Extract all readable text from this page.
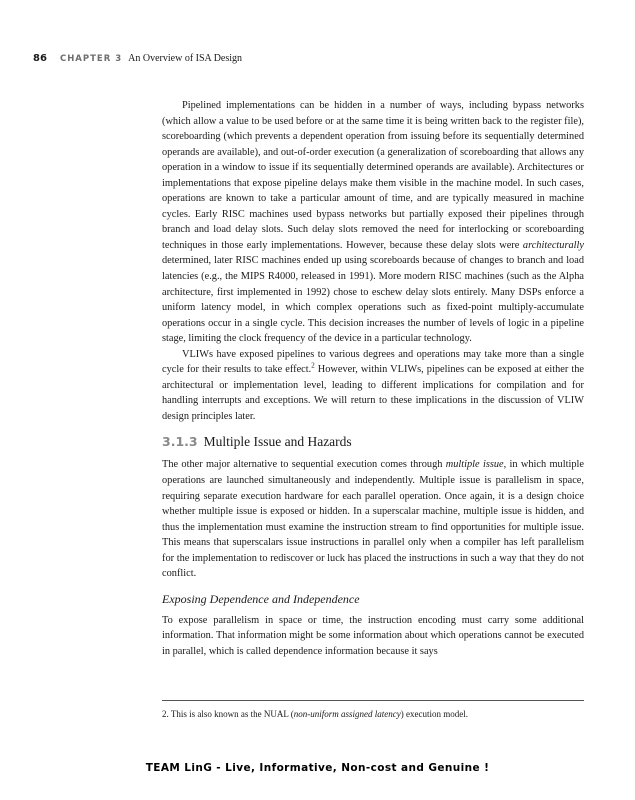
86 CHAPTER 3 An Overview of ISA Design

Pipelined implementations can be hidden in a number of ways, including bypass networks (which allow a value to be used before or at the same time it is being written back to the register file), scoreboarding (which prevents a dependent operation from issuing before its sequentially determined operands are available), and out-of-order execution (a generalization of scoreboarding that allows any operation in a window to issue if its sequentially determined operands are available). Architectures or implementations that expose pipeline delays make them visible in the machine model. In such cases, operations are known to take a particular amount of time, and are typically measured in machine cycles. Early RISC machines used bypass networks but partially exposed their pipelines through branch and load delay slots. Such delay slots removed the need for interlocking or scoreboarding techniques in those early implementations. However, because these delay slots were architecturally determined, later RISC machines ended up using scoreboards because of changes to branch and load latencies (e.g., the MIPS R4000, released in 1991). More modern RISC machines (such as the Alpha architecture, first implemented in 1992) chose to eschew delay slots entirely. Many DSPs enforce a uniform latency model, in which complex operations such as fixed-point multiply-accumulate operations occur in a single cycle. This decision increases the number of levels of logic in a pipeline stage, limiting the clock frequency of the device in a particular technology.

VLIWs have exposed pipelines to various degrees and operations may take more than a single cycle for their results to take effect.$^2$ However, within VLIWs, pipelines can be exposed at either the architectural or implementation level, leading to different implications for compilation and for handling interrupts and exceptions. We will return to these implications in the discussion of VLIW design principles later.

3.1.3 Multiple Issue and Hazards

The other major alternative to sequential execution comes through multiple issue, in which multiple operations are launched simultaneously and independently. Multiple issue is parallelism in space, requiring separate execution hardware for each parallel operation. Once again, it is a design choice whether multiple issue is exposed or hidden. In a superscalar machine, multiple issue is hidden, and thus the implementation must examine the instruction stream to find opportunities for multiple issue. This means that superscalars issue instructions in parallel only when a compiler has left parallelism for the implementation to rediscover or luck has placed the instructions in such a way that they do not conflict.

Exposing Dependence and Independence

To expose parallelism in space or time, the instruction encoding must carry some additional information. That information might be some information about which operations cannot be executed in parallel, which is called dependence information because it says

2. This is also known as the NUAL (non-uniform assigned latency) execution model.
TEAM LinG - Live, Informative, Non-cost and Genuine !
